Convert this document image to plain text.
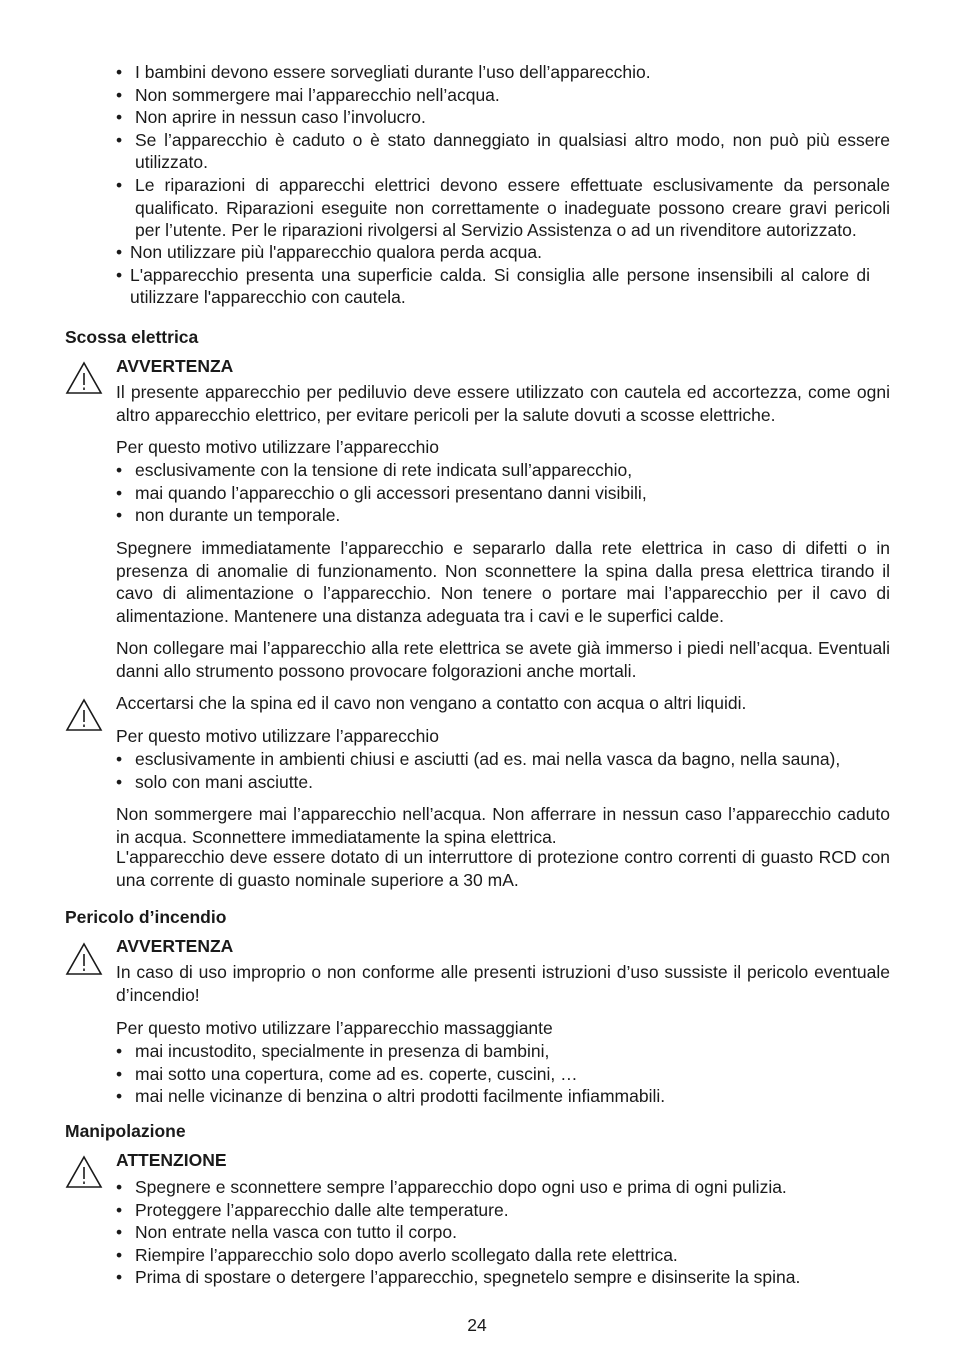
• I bambini devono essere sorvegliati durante l’uso dell’apparecchio.
• Non sommergere mai l’apparecchio nell’acqua.
• Non aprire in nessun caso l’involucro.
• Se l’apparecchio è caduto o è stato danneggiato in qualsiasi altro modo, non può più essere utilizzato.
• Le riparazioni di apparecchi elettrici devono essere effettuate esclusivamente da personale qualificato. Riparazioni eseguite non correttamente o inadeguate possono creare gravi pericoli per l’utente. Per le riparazioni rivolgersi al Servizio Assistenza o ad un rivenditore autorizzato.
• Non utilizzare più l'apparecchio qualora perda acqua.
• L'apparecchio presenta una superficie calda. Si consiglia alle persone insensibili al calore di utilizzare l'apparecchio con cautela.
Scossa elettrica
AVVERTENZA

Il presente apparecchio per pediluvio deve essere utilizzato con cautela ed accortezza, come ogni altro apparecchio elettrico, per evitare pericoli per la salute dovuti a scosse elettriche.

Per questo motivo utilizzare l’apparecchio

• esclusivamente con la tensione di rete indicata sull’apparecchio,
• mai quando l’apparecchio o gli accessori presentano danni visibili,
• non durante un temporale.

Spegnere immediatamente l’apparecchio e separarlo dalla rete elettrica in caso di difetti o in presenza di anomalie di funzionamento. Non sconnettere la spina dalla presa elettrica tirando il cavo di alimentazione o l’apparecchio. Non tenere o portare mai l’apparecchio per il cavo di alimentazione. Mantenere una distanza adeguata tra i cavi e le superfici calde.

Non collegare mai l’apparecchio alla rete elettrica se avete già immerso i piedi nell’acqua. Eventuali danni allo strumento possono provocare folgorazioni anche mortali.

Accertarsi che la spina ed il cavo non vengano a contatto con acqua o altri liquidi.

Per questo motivo utilizzare l’apparecchio

• esclusivamente in ambienti chiusi e asciutti (ad es. mai nella vasca da bagno, nella sauna),
• solo con mani asciutte.

Non sommergere mai l’apparecchio nell’acqua. Non afferrare in nessun caso l’apparecchio caduto in acqua. Sconnettere immediatamente la spina elettrica.

L'apparecchio deve essere dotato di un interruttore di protezione contro correnti di guasto RCD con una corrente di guasto nominale superiore a 30 mA.

Pericolo d’incendio
AVVERTENZA

In caso di uso improprio o non conforme alle presenti istruzioni d’uso sussiste il pericolo eventuale d’incendio!

Per questo motivo utilizzare l’apparecchio massaggiante

• mai incustodito, specialmente in presenza di bambini,
• mai sotto una copertura, come ad es. coperte, cuscini, …
• mai nelle vicinanze di benzina o altri prodotti facilmente infiammabili.
Manipolazione
ATTENZIONE
• Spegnere e sconnettere sempre l’apparecchio dopo ogni uso e prima di ogni pulizia.
• Proteggere l’apparecchio dalle alte temperature.
• Non entrate nella vasca con tutto il corpo.
• Riempire l’apparecchio solo dopo averlo scollegato dalla rete elettrica.
• Prima di spostare o detergere l’apparecchio, spegnetelo sempre e disinserite la spina.
24
